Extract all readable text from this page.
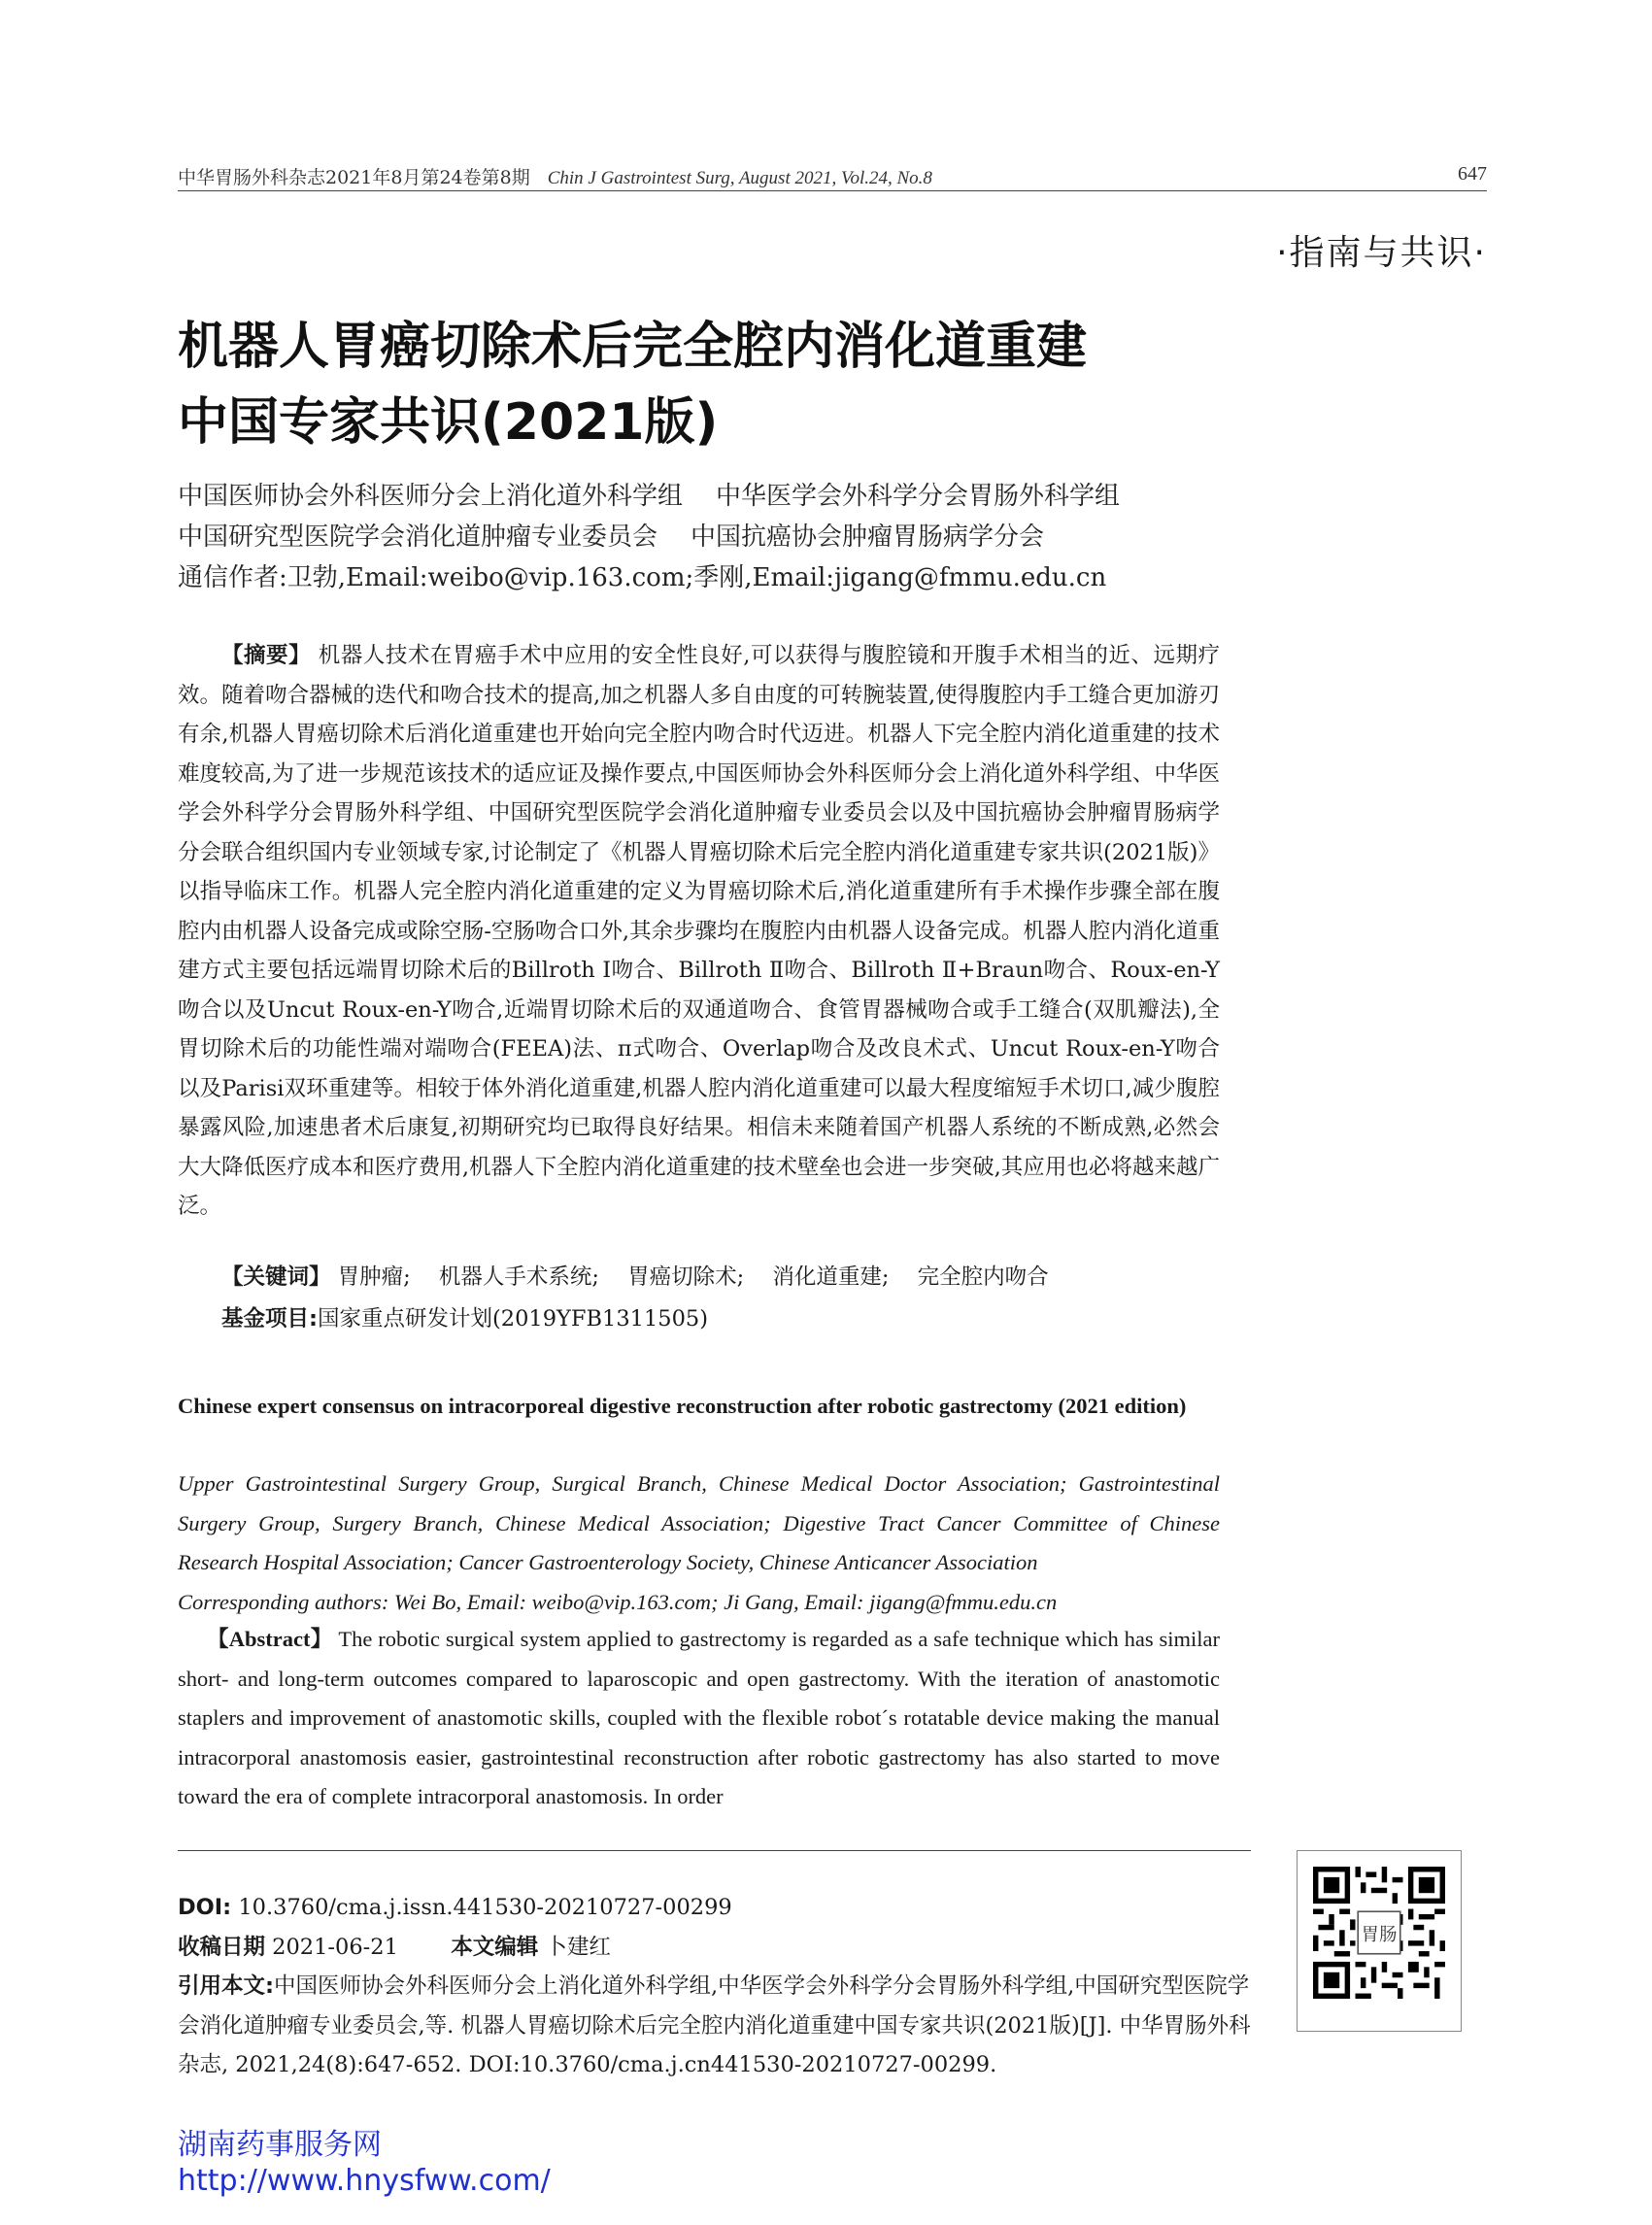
中华胃肠外科杂志2021年8月第24卷第8期 Chin J Gastrointest Surg, August 2021, Vol.24, No.8	647
·指南与共识·
机器人胃癌切除术后完全腔内消化道重建
中国专家共识(2021版)
中国医师协会外科医师分会上消化道外科学组 中华医学会外科学分会胃肠外科学组
中国研究型医院学会消化道肿瘤专业委员会 中国抗癌协会肿瘤胃肠病学分会
通信作者:卫勃,Email:weibo@vip.163.com;季刚,Email:jigang@fmmu.edu.cn
【摘要】 机器人技术在胃癌手术中应用的安全性良好,可以获得与腹腔镜和开腹手术相当的近、远期疗效。随着吻合器械的迭代和吻合技术的提高,加之机器人多自由度的可转腕装置,使得腹腔内手工缝合更加游刃有余,机器人胃癌切除术后消化道重建也开始向完全腔内吻合时代迈进。机器人下完全腔内消化道重建的技术难度较高,为了进一步规范该技术的适应证及操作要点,中国医师协会外科医师分会上消化道外科学组、中华医学会外科学分会胃肠外科学组、中国研究型医院学会消化道肿瘤专业委员会以及中国抗癌协会肿瘤胃肠病学分会联合组织国内专业领域专家,讨论制定了《机器人胃癌切除术后完全腔内消化道重建专家共识(2021版)》以指导临床工作。机器人完全腔内消化道重建的定义为胃癌切除术后,消化道重建所有手术操作步骤全部在腹腔内由机器人设备完成或除空肠-空肠吻合口外,其余步骤均在腹腔内由机器人设备完成。机器人腔内消化道重建方式主要包括远端胃切除术后的Billroth Ⅰ吻合、Billroth Ⅱ吻合、Billroth Ⅱ+Braun吻合、Roux-en-Y吻合以及Uncut Roux-en-Y吻合,近端胃切除术后的双通道吻合、食管胃器械吻合或手工缝合(双肌瓣法),全胃切除术后的功能性端对端吻合(FEEA)法、π式吻合、Overlap吻合及改良术式、Uncut Roux-en-Y吻合以及Parisi双环重建等。相较于体外消化道重建,机器人腔内消化道重建可以最大程度缩短手术切口,减少腹腔暴露风险,加速患者术后康复,初期研究均已取得良好结果。相信未来随着国产机器人系统的不断成熟,必然会大大降低医疗成本和医疗费用,机器人下全腔内消化道重建的技术壁垒也会进一步突破,其应用也必将越来越广泛。
【关键词】 胃肿瘤; 机器人手术系统; 胃癌切除术; 消化道重建; 完全腔内吻合
基金项目:国家重点研发计划(2019YFB1311505)
Chinese expert consensus on intracorporeal digestive reconstruction after robotic gastrectomy (2021 edition)
Upper Gastrointestinal Surgery Group, Surgical Branch, Chinese Medical Doctor Association; Gastrointestinal Surgery Group, Surgery Branch, Chinese Medical Association; Digestive Tract Cancer Committee of Chinese Research Hospital Association; Cancer Gastroenterology Society, Chinese Anticancer Association
Corresponding authors: Wei Bo, Email: weibo@vip.163.com; Ji Gang, Email: jigang@fmmu.edu.cn
【Abstract】 The robotic surgical system applied to gastrectomy is regarded as a safe technique which has similar short- and long-term outcomes compared to laparoscopic and open gastrectomy. With the iteration of anastomotic staplers and improvement of anastomotic skills, coupled with the flexible robot´s rotatable device making the manual intracorporal anastomosis easier, gastrointestinal reconstruction after robotic gastrectomy has also started to move toward the era of complete intracorporal anastomosis. In order
DOI: 10.3760/cma.j.issn.441530-20210727-00299
收稿日期 2021-06-21 本文编辑 卜建红
引用本文:中国医师协会外科医师分会上消化道外科学组,中华医学会外科学分会胃肠外科学组,中国研究型医院学会消化道肿瘤专业委员会,等. 机器人胃癌切除术后完全腔内消化道重建中国专家共识(2021版)[J]. 中华胃肠外科杂志, 2021,24(8):647-652. DOI:10.3760/cma.j.cn441530-20210727-00299.
胃肠
湖南药事服务网
http://www.hnysfww.com/
